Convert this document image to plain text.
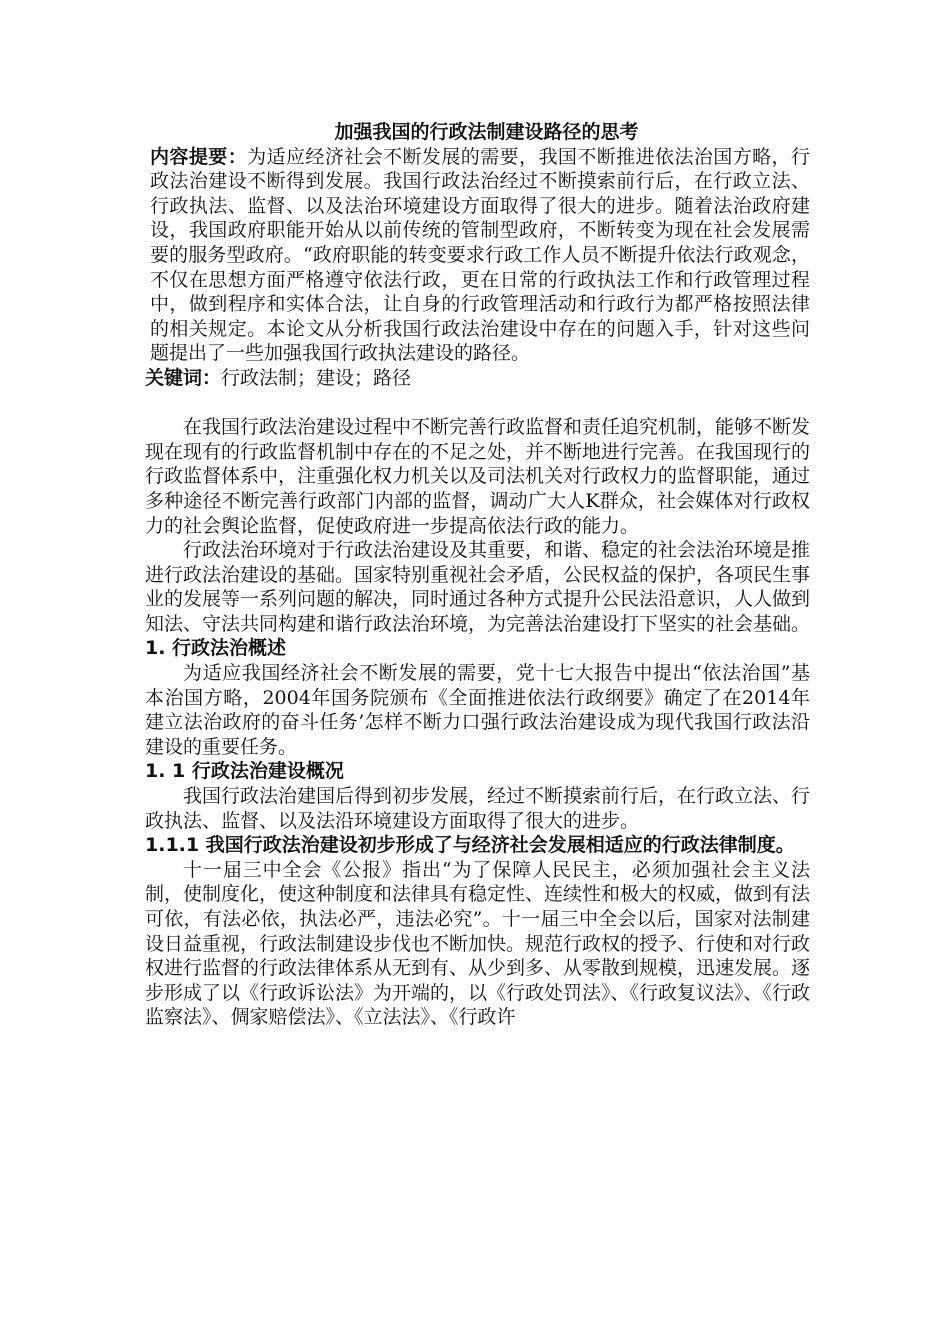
加强我国的行政法制建设路径的思考

内容提要：为适应经济社会不断发展的需要，我国不断推进依法治国方略，行政法治建设不断得到发展。我国行政法治经过不断摸索前行后，在行政立法、行政执法、监督、以及法治环境建设方面取得了很大的进步。随着法治政府建设，我国政府职能开始从以前传统的管制型政府，不断转变为现在社会发展需要的服务型政府。“政府职能的转变要求行政工作人员不断提升依法行政观念，不仅在思想方面严格遵守依法行政，更在日常的行政执法工作和行政管理过程中，做到程序和实体合法，让自身的行政管理活动和行政行为都严格按照法律的相关规定。本论文从分析我国行政法治建设中存在的问题入手，针对这些问题提出了一些加强我国行政执法建设的路径。

关键词：行政法制；建设；路径

在我国行政法治建设过程中不断完善行政监督和责任追究机制，能够不断发现在现有的行政监督机制中存在的不足之处，并不断地进行完善。在我国现行的行政监督体系中，注重强化权力机关以及司法机关对行政权力的监督职能，通过多种途径不断完善行政部门内部的监督，调动广大人K群众，社会媒体对行政权力的社会舆论监督，促使政府进一步提高依法行政的能力。

行政法治环境对于行政法治建设及其重要，和谐、稳定的社会法治环境是推进行政法治建设的基础。国家特别重视社会矛盾，公民权益的保护，各项民生事业的发展等一系列问题的解决，同时通过各种方式提升公民法沿意识，人人做到知法、守法共同构建和谐行政法治环境，为完善法治建设打下坚实的社会基础。

1. 行政法治概述

为适应我国经济社会不断发展的需要，党十七大报告中提出“依法治国”基本治国方略，2004年国务院颁布《全面推进依法行政纲要》确定了在2014年建立法治政府的奋斗任务’怎样不断力口强行政法治建设成为现代我国行政法沿建设的重要任务。

1. 1 行政法治建设概况

我国行政法治建国后得到初步发展，经过不断摸索前行后，在行政立法、行政执法、监督、以及法沿环境建设方面取得了很大的进步。

1.1.1 我国行政法治建设初步形成了与经济社会发展相适应的行政法律制度。

十一届三中全会《公报》指出“为了保障人民民主，必须加强社会主义法制，使制度化，使这种制度和法律具有稳定性、连续性和极大的权威，做到有法可依，有法必依，执法必严，违法必究”。十一届三中全会以后，国家对法制建设日益重视，行政法制建设步伐也不断加快。规范行政权的授予、行使和对行政权进行监督的行政法律体系从无到有、从少到多、从零散到规模，迅速发展。逐步形成了以《行政诉讼法》为开端的，以《行政处罚法》、《行政复议法》、《行政监察法》、倜家赔偿法》、《立法法》、《行政许
